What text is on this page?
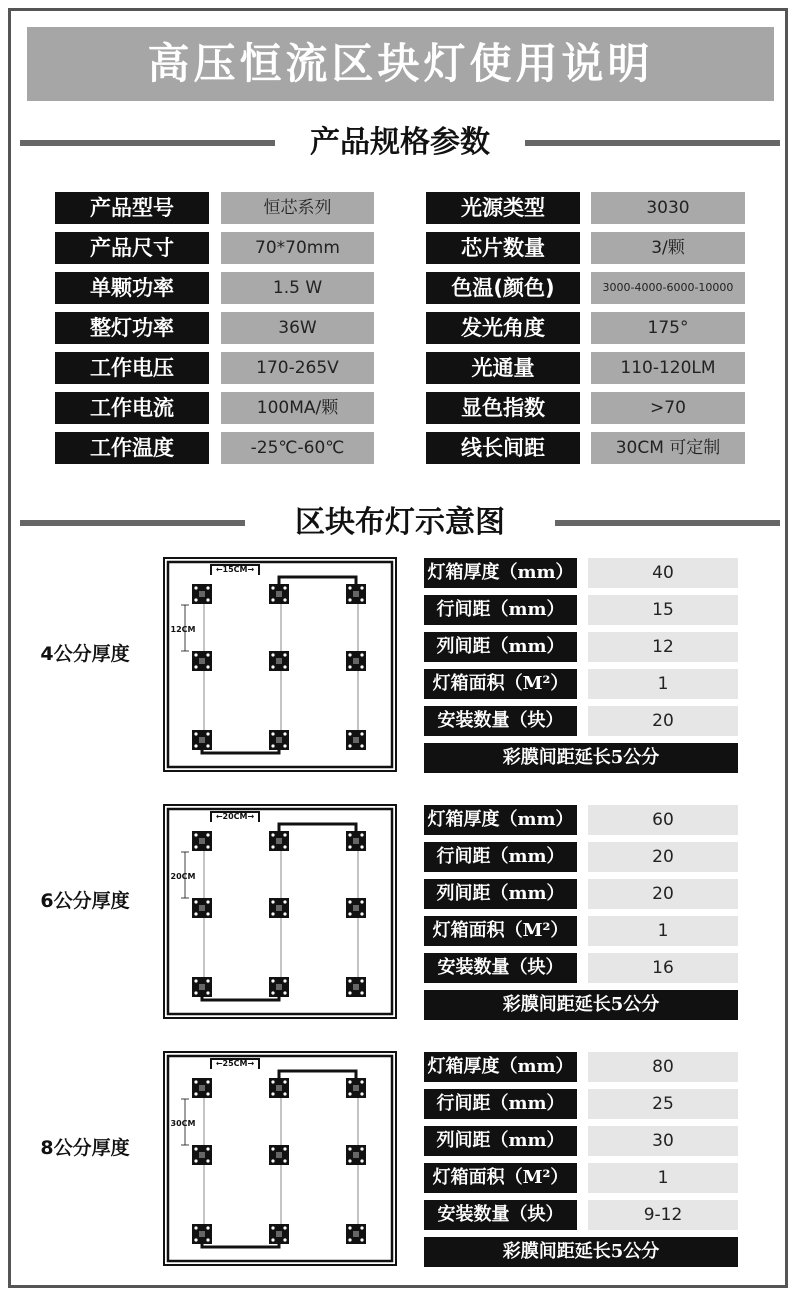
高压恒流区块灯使用说明
产品规格参数
产品型号	恒芯系列
产品尺寸	70*70mm
单颗功率	1.5 W
整灯功率	36W
工作电压	170-265V
工作电流	100MA/颗
工作温度	-25℃-60℃
光源类型	3030
芯片数量	3/颗
色温(颜色)	3000-4000-6000-10000
发光角度	175°
光通量	110-120LM
显色指数	>70
线长间距	30CM 可定制
区块布灯示意图
4公分厚度
←15CM→
12CM
灯箱厚度（mm）	40
行间距（mm）	15
列间距（mm）	12
灯箱面积（M²）	1
安装数量（块）	20
彩膜间距延长5公分
6公分厚度
←20CM→
20CM
灯箱厚度（mm）	60
行间距（mm）	20
列间距（mm）	20
灯箱面积（M²）	1
安装数量（块）	16
彩膜间距延长5公分
8公分厚度
←25CM→
30CM
灯箱厚度（mm）	80
行间距（mm）	25
列间距（mm）	30
灯箱面积（M²）	1
安装数量（块）	9-12
彩膜间距延长5公分
